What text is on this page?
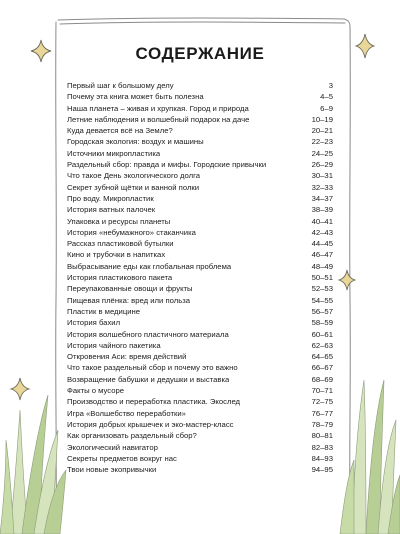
СОДЕРЖАНИЕ
Первый шаг к большому делу	3
Почему эта книга может быть полезна	4–5
Наша планета – живая и хрупкая. Город и природа	6–9
Летние наблюдения и волшебный подарок на даче	10–19
Куда девается всё на Земле?	20–21
Городская экология: воздух и машины	22–23
Источники микропластика	24–25
Раздельный сбор: правда и мифы. Городские привычки	26–29
Что такое День экологического долга	30–31
Секрет зубной щётки и ванной полки	32–33
Про воду. Микропластик	34–37
История ватных палочек	38–39
Упаковка и ресурсы планеты	40–41
История «небумажного» стаканчика	42–43
Рассказ пластиковой бутылки	44–45
Кино и трубочки в напитках	46–47
Выбрасывание еды как глобальная проблема	48–49
История пластикового пакета	50–51
Переупакованные овощи и фрукты	52–53
Пищевая плёнка: вред или польза	54–55
Пластик в медицине	56–57
История бахил	58–59
История волшебного пластичного материала	60–61
История чайного пакетика	62–63
Откровения Аси: время действий	64–65
Что такое раздельный сбор и почему это важно	66–67
Возвращение бабушки и дедушки и выставка	68–69
Факты о мусоре	70–71
Производство и переработка пластика. Экослед	72–75
Игра «Волшебство переработки»	76–77
История добрых крышечек и эко-мастер-класс	78–79
Как организовать раздельный сбор?	80–81
Экологический навигатор	82–83
Секреты предметов вокруг нас	84–93
Твои новые экопривычки	94–95
